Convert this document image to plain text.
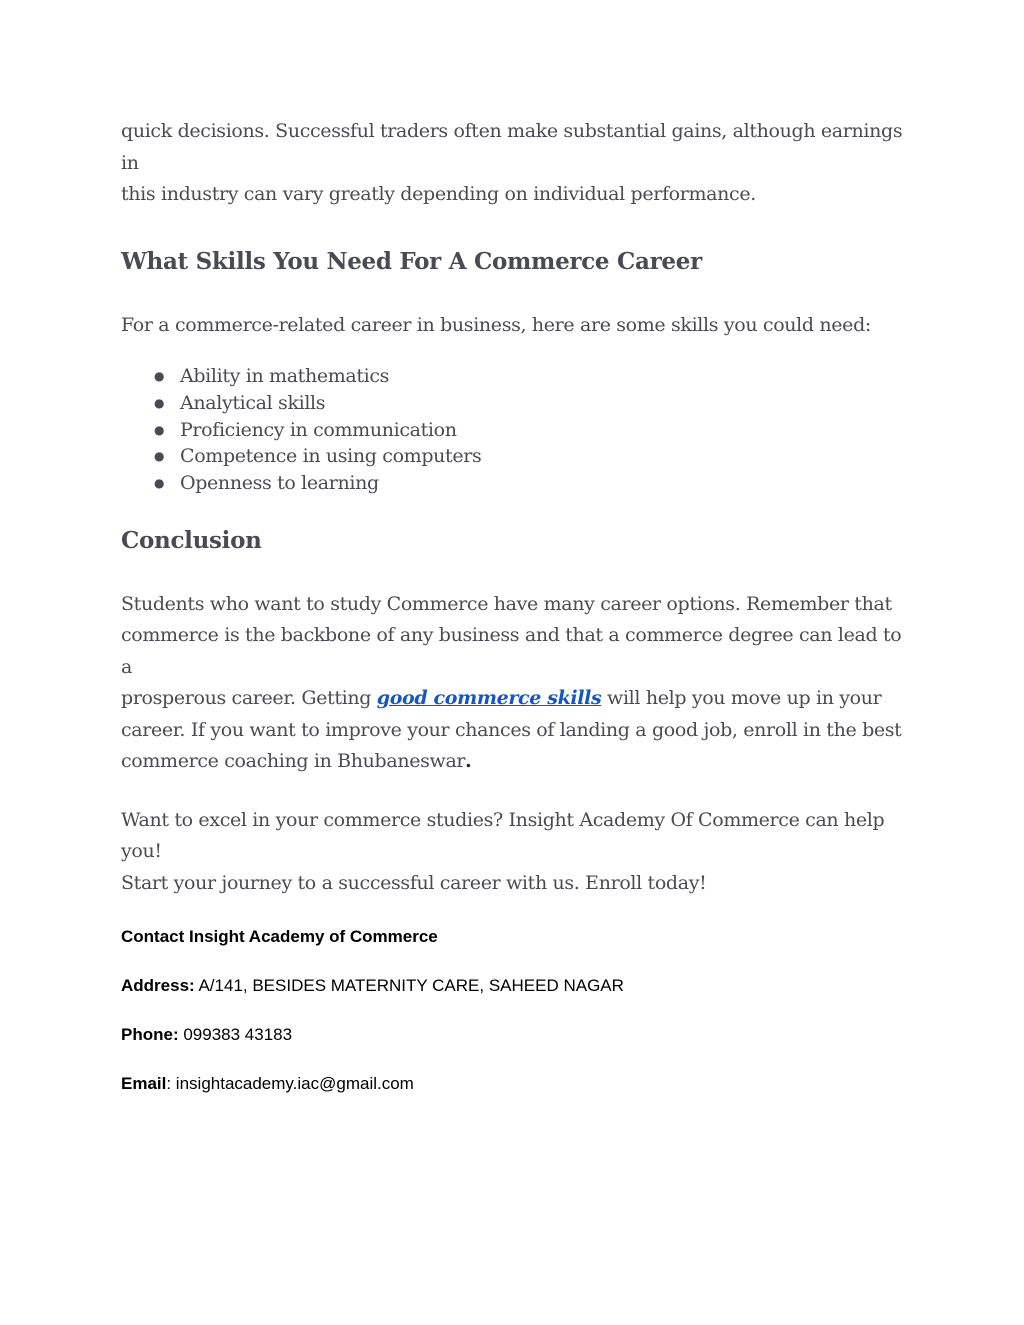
quick decisions. Successful traders often make substantial gains, although earnings in
this industry can vary greatly depending on individual performance.

What Skills You Need For A Commerce Career

For a commerce-related career in business, here are some skills you could need:

● Ability in mathematics
● Analytical skills
● Proficiency in communication
● Competence in using computers
● Openness to learning
Conclusion

Students who want to study Commerce have many career options. Remember that
commerce is the backbone of any business and that a commerce degree can lead to a
prosperous career. Getting good commerce skills will help you move up in your
career. If you want to improve your chances of landing a good job, enroll in the best
commerce coaching in Bhubaneswar.

Want to excel in your commerce studies? Insight Academy Of Commerce can help you!
Start your journey to a successful career with us. Enroll today!

Contact Insight Academy of Commerce

Address: A/141, BESIDES MATERNITY CARE, SAHEED NAGAR

Phone: 099383 43183

Email: insightacademy.iac@gmail.com
